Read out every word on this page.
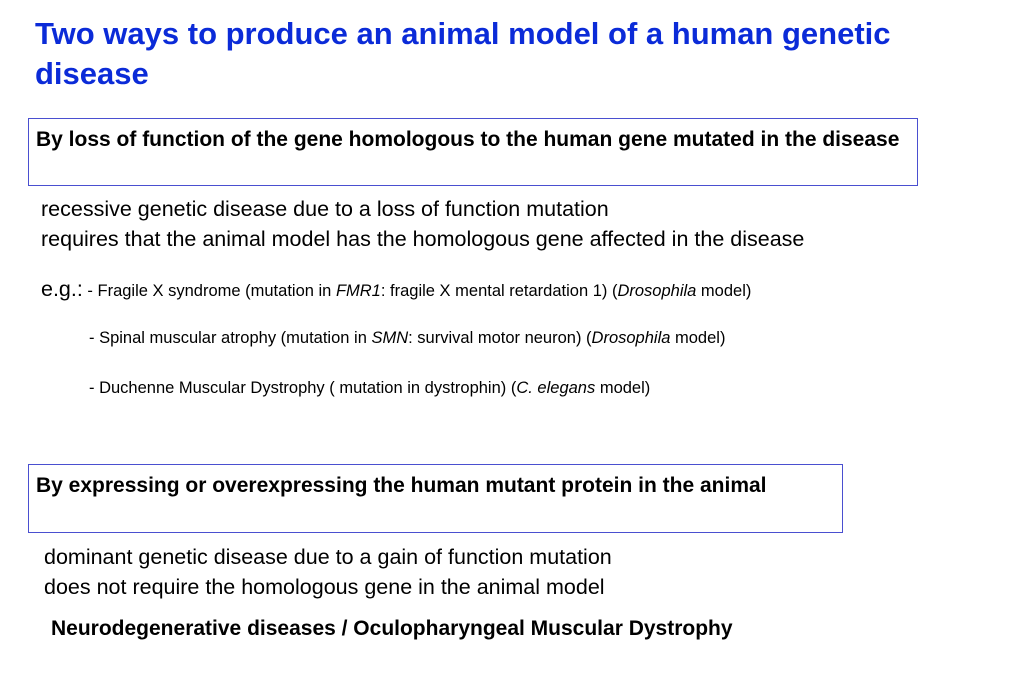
Two ways to produce an animal model of a human genetic disease
By loss of function of the gene homologous to the human gene mutated in the disease
recessive genetic disease due to a loss of function mutation
requires that the animal model has the homologous gene affected in the disease
e.g.: - Fragile X syndrome (mutation in FMR1: fragile X mental retardation 1) (Drosophila model)
- Spinal muscular atrophy (mutation in SMN: survival motor neuron) (Drosophila model)
- Duchenne Muscular Dystrophy ( mutation in dystrophin) (C. elegans model)
By expressing or overexpressing the human mutant protein in the animal
dominant genetic disease due to a gain of function mutation
does not require the homologous gene in the animal model
Neurodegenerative diseases / Oculopharyngeal Muscular Dystrophy
